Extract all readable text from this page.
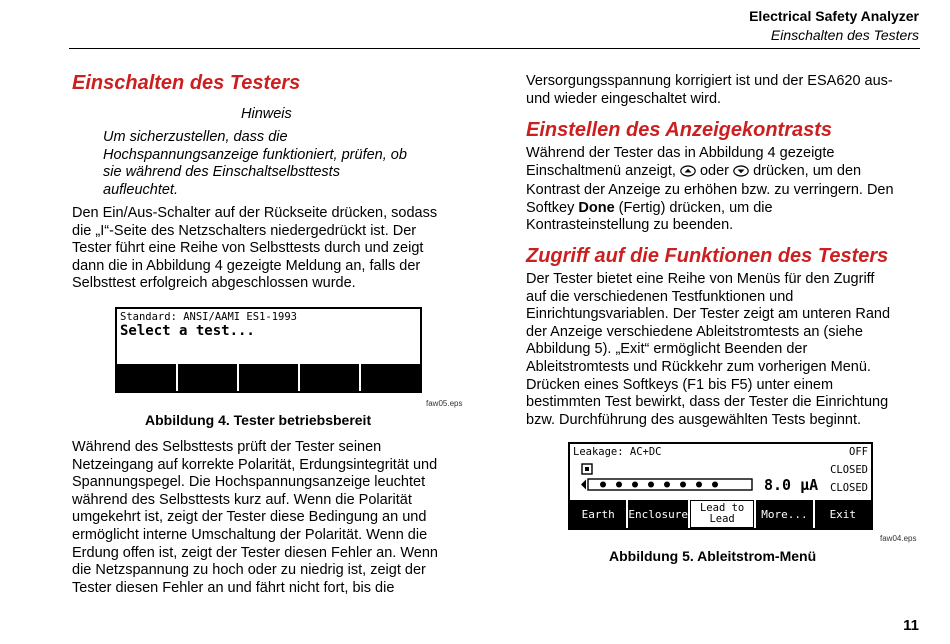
Electrical Safety Analyzer
Einschalten des Testers
Einschalten des Testers
Hinweis
Um sicherzustellen, dass die
Hochspannungsanzeige funktioniert, prüfen, ob
sie während des Einschaltselbsttests
aufleuchtet.
Den Ein/Aus-Schalter auf der Rückseite drücken, sodass
die „I“-Seite des Netzschalters niedergedrückt ist. Der
Tester führt eine Reihe von Selbsttests durch und zeigt
dann die in Abbildung 4 gezeigte Meldung an, falls der
Selbsttest erfolgreich abgeschlossen wurde.
Standard: ANSI/AAMI ES1-1993
Select a test...
faw05.eps
Abbildung 4. Tester betriebsbereit
Während des Selbsttests prüft der Tester seinen
Netzeingang auf korrekte Polarität, Erdungsintegrität und
Spannungspegel. Die Hochspannungsanzeige leuchtet
während des Selbsttests kurz auf. Wenn die Polarität
umgekehrt ist, zeigt der Tester diese Bedingung an und
ermöglicht interne Umschaltung der Polarität. Wenn die
Erdung offen ist, zeigt der Tester diesen Fehler an. Wenn
die Netzspannung zu hoch oder zu niedrig ist, zeigt der
Tester diesen Fehler an und fährt nicht fort, bis die
Versorgungsspannung korrigiert ist und der ESA620 aus-
und wieder eingeschaltet wird.
Einstellen des Anzeigekontrasts
Während der Tester das in Abbildung 4 gezeigte
Einschaltmenü anzeigt, oder drücken, um den
Kontrast der Anzeige zu erhöhen bzw. zu verringern. Den
Softkey Done (Fertig) drücken, um die
Kontrasteinstellung zu beenden.
Zugriff auf die Funktionen des Testers
Der Tester bietet eine Reihe von Menüs für den Zugriff
auf die verschiedenen Testfunktionen und
Einrichtungsvariablen. Der Tester zeigt am unteren Rand
der Anzeige verschiedene Ableitstromtests an (siehe
Abbildung 5). „Exit“ ermöglicht Beenden der
Ableitstromtests und Rückkehr zum vorherigen Menü.
Drücken eines Softkeys (F1 bis F5) unter einem
bestimmten Test bewirkt, dass der Tester die Einrichtung
bzw. Durchführung des ausgewählten Tests beginnt.
Leakage: AC+DC	OFF
CLOSED
CLOSED
8.0 µA
Earth	Enclosure	Lead to Lead	More...	Exit
faw04.eps
Abbildung 5. Ableitstrom-Menü
11
